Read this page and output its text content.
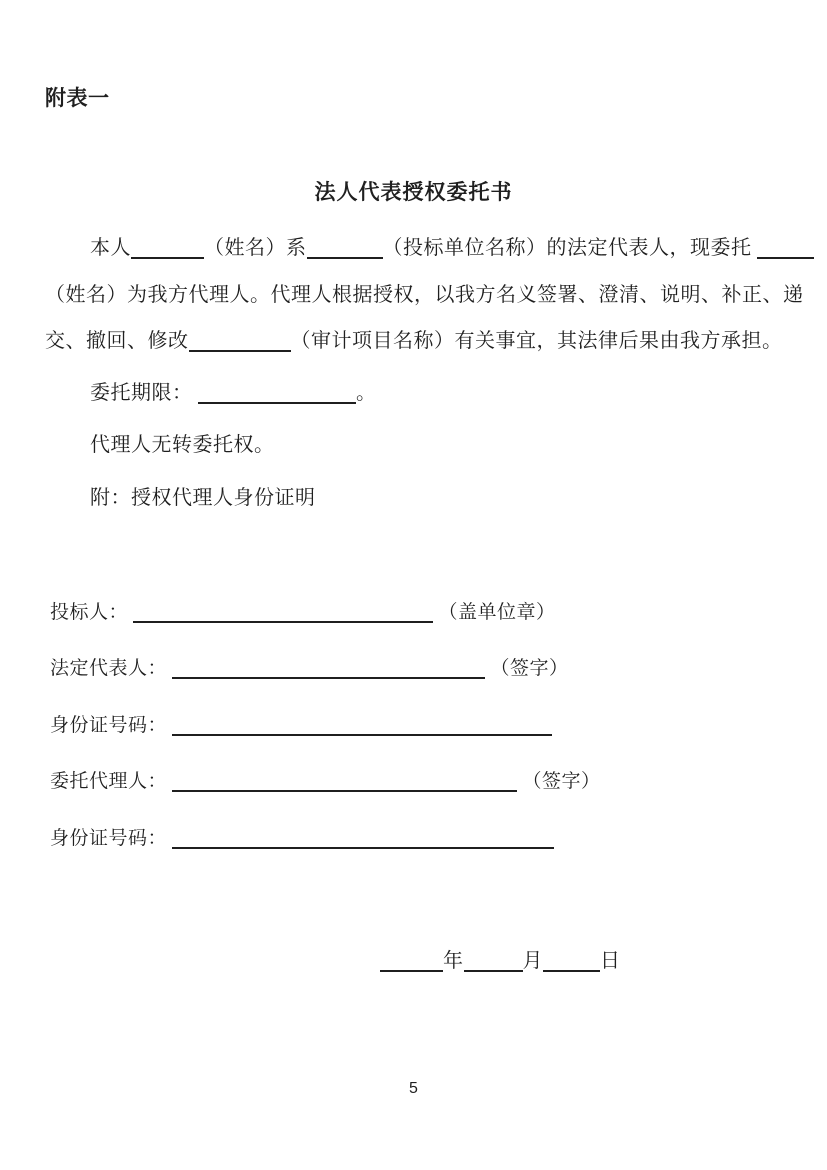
附表一
法人代表授权委托书
本人	（姓名）系	（投标单位名称）的法定代表人，现委托
（姓名）为我方代理人。代理人根据授权，以我方名义签署、澄清、说明、补正、递
交、撤回、修改	（审计项目名称）有关事宜，其法律后果由我方承担。
委托期限：	。
代理人无转委托权。
附：授权代理人身份证明
投标人：	（盖单位章）
法定代表人：	（签字）
身份证号码：
委托代理人：	（签字）
身份证号码：
年	月	日
5
